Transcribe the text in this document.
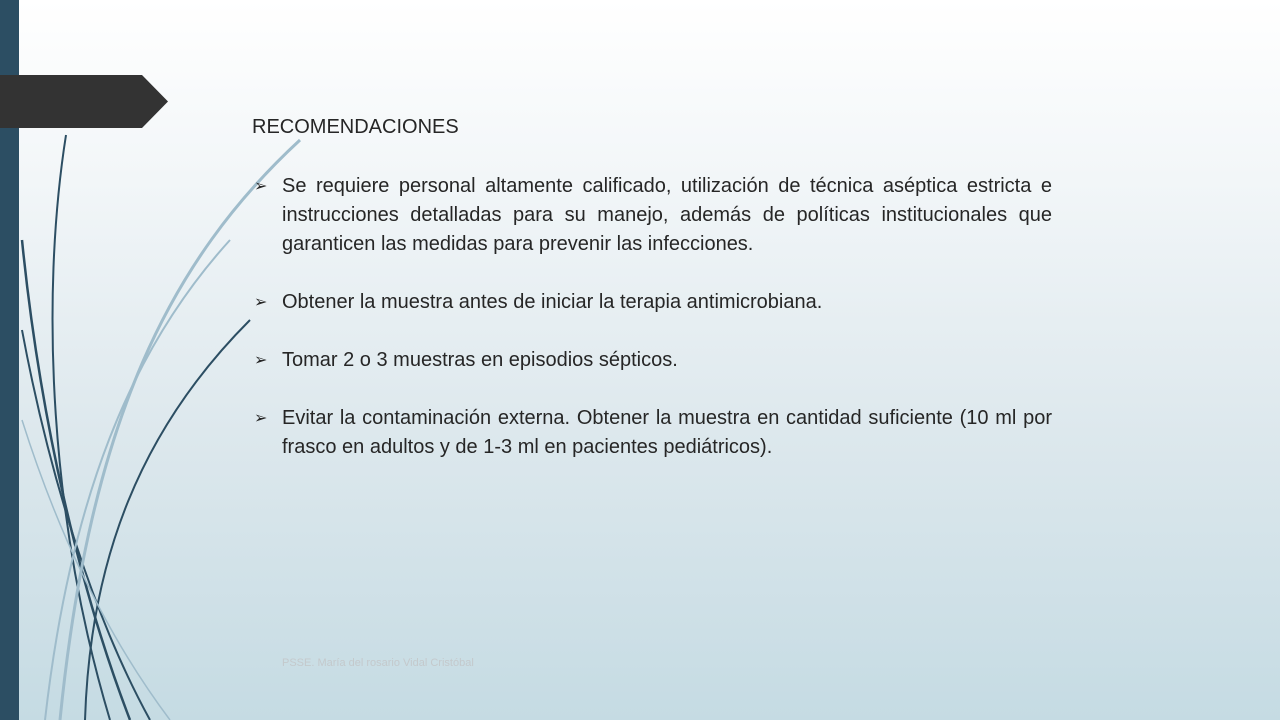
RECOMENDACIONES
➢ Se requiere personal altamente calificado, utilización de técnica aséptica estricta e instrucciones detalladas para su manejo, además de políticas institucionales que garanticen las medidas para prevenir las infecciones.
➢ Obtener la muestra antes de iniciar la terapia antimicrobiana.
➢ Tomar 2 o 3 muestras en episodios sépticos.
➢ Evitar la contaminación externa. Obtener la muestra en cantidad suficiente (10 ml por frasco en adultos y de 1-3 ml en pacientes pediátricos).
PSSE. María del rosario Vidal Cristóbal
